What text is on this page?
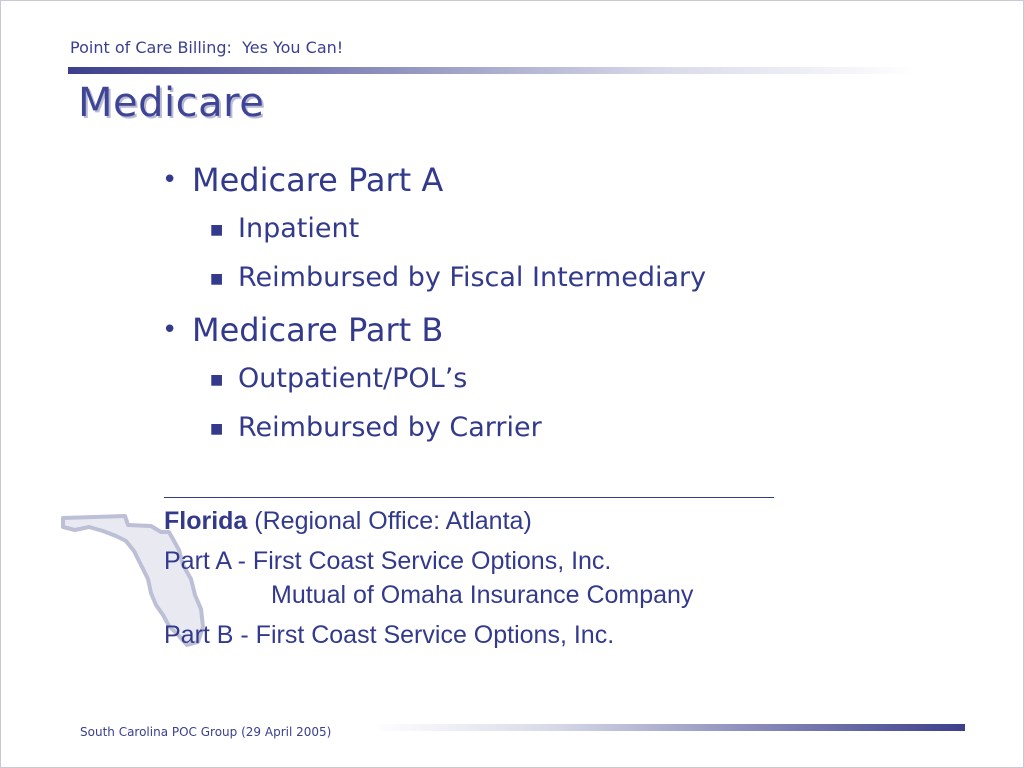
Point of Care Billing:  Yes You Can!
Medicare
• Medicare Part A
■ Inpatient
■ Reimbursed by Fiscal Intermediary
• Medicare Part B
■ Outpatient/POL’s
■ Reimbursed by Carrier
Florida (Regional Office: Atlanta)
Part A - First Coast Service Options, Inc.
Mutual of Omaha Insurance Company
Part B - First Coast Service Options, Inc.
South Carolina POC Group (29 April 2005)
